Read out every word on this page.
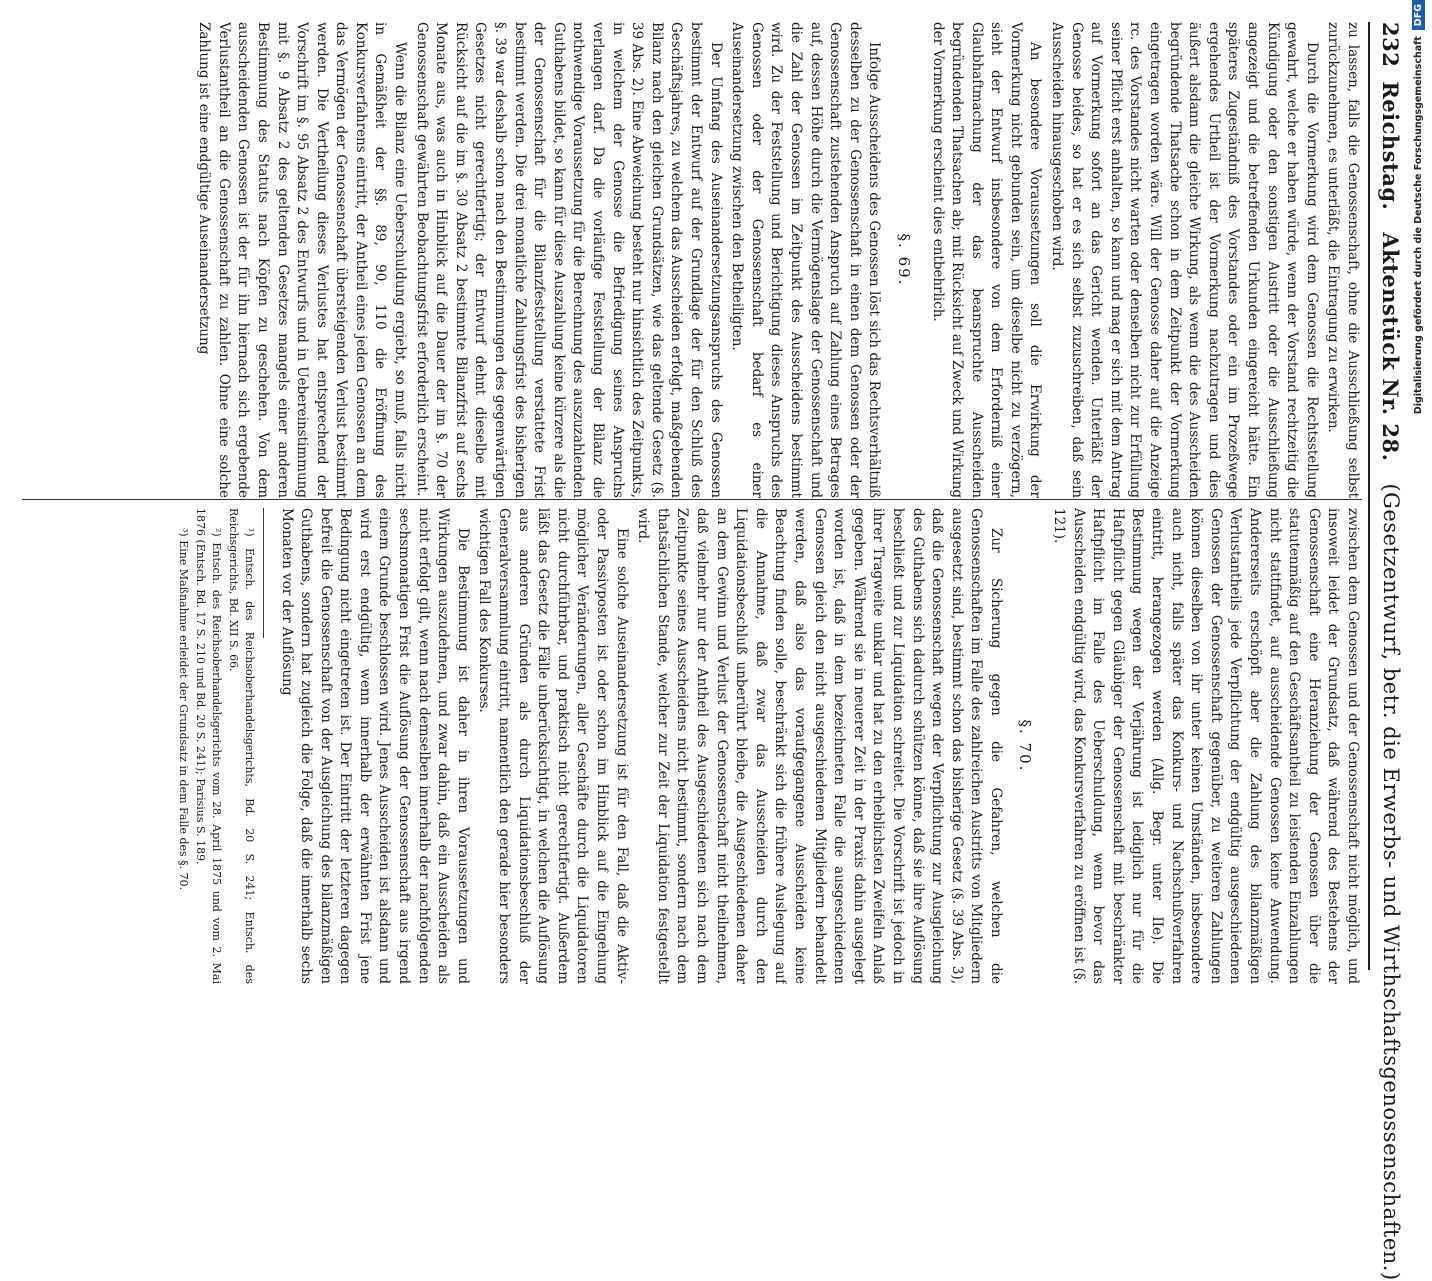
232
Reichstag.
Aktenstück Nr. 28.
(Gesetzentwurf, betr. die Erwerbs- und Wirthschaftsgenossenschaften.)

zu lassen, falls die Genossenschaft, ohne die Ausschließung selbst zurückzunehmen, es unterläßt, die Eintragung zu erwirken.

Durch die Vormerkung wird dem Genossen die Rechtsstellung gewahrt, welche er haben würde, wenn der Vorstand rechtzeitig die Kündigung oder den sonstigen Austritt oder die Ausschließung angezeigt und die betreffenden Urkunden eingereicht hätte. Ein späteres Zugeständniß des Vorstandes oder ein im Prozeßwege ergehendes Urtheil ist der Vormerkung nachzutragen und dies äußert alsdann die gleiche Wirkung, als wenn die des Ausscheiden begründende Thatsache schon in dem Zeitpunkt der Vormerkung eingetragen worden wäre. Will der Genosse daher auf die Anzeige rc. des Vorstandes nicht warten oder denselben nicht zur Erfüllung seiner Pflicht erst anhalten, so kann und mag er sich mit dem Antrag auf Vormerkung sofort an das Gericht wenden. Unterläßt der Genosse beides, so hat er es sich selbst zuzuschreiben, daß sein Ausscheiden hinausgeschoben wird.

An besondere Voraussetzungen soll die Erwirkung der Vormerkung nicht gebunden sein, um dieselbe nicht zu verzögern, sieht der Entwurf insbesondere von dem Erforderniß einer Glaubhaftmachung der das beanspruchte Ausscheiden begründenden Thatsachen ab; mit Rücksicht auf Zweck und Wirkung der Vormerkung erscheint dies entbehrlich.

§. 69.

Infolge Ausscheidens des Genossen löst sich das Rechtsverhältniß desselben zu der Genossenschaft in einen dem Genossen oder der Genossenschaft zustehenden Anspruch auf Zahlung eines Betrages auf, dessen Höhe durch die Vermögenslage der Genossenschaft und die Zahl der Genossen im Zeitpunkt des Ausscheidens bestimmt wird. Zu der Feststellung und Berichtigung dieses Anspruchs des Genossen oder der Genossenschaft bedarf es einer Auseinandersetzung zwischen den Betheiligten.

Der Umfang des Auseinandersetzungsanspruchs des Genossen bestimmt der Entwurf auf der Grundlage der für den Schluß des Geschäftsjahres, zu welchem das Ausscheiden erfolgt, maßgebenden Bilanz nach den gleichen Grundsätzen, wie das geltende Gesetz (§. 39 Abs. 2). Eine Abweichung besteht nur hinsichtlich des Zeitpunkts, in welchem der Genosse die Befriedigung seines Anspruchs verlangen darf. Da die vorläufige Feststellung der Bilanz die nothwendige Voraussetzung für die Berechnung des auszuzahlenden Guthabens bildet, so kann für diese Auszahlung keine kürzere als die der Genossenschaft für die Bilanzfeststellung verstattete Frist bestimmt werden. Die drei monatliche Zahlungsfrist des bisherigen §. 39 war deshalb schon nach den Bestimmungen des gegenwärtigen Gesetzes nicht gerechtfertigt; der Entwurf dehnt dieselbe mit Rücksicht auf die im §. 30 Absatz 2 bestimmte Bilanzfrist auf sechs Monate aus, was auch in Hinblick auf die Dauer der im §. 70 der Genossenschaft gewährten Beobachtungsfrist erforderlich erscheint.

Wenn die Bilanz eine Ueberschuldung ergiebt, so muß, falls nicht in Gemäßheit der §§. 89, 90, 110 die Eröffnung des Konkursverfahrens eintritt, der Antheil eines jeden Genossen an dem das Vermögen der Genossenschaft übersteigenden Verlust bestimmt werden. Die Vertheilung dieses Verlustes hat entsprechend der Vorschrift im §. 95 Absatz 2 des Entwurfs und in Uebereinstimmung mit §. 9 Absatz 2 des geltenden Gesetzes mangels einer anderen Bestimmung des Statuts nach Köpfen zu geschehen. Von dem ausscheidenden Genossen ist der für ihn hiernach sich ergebende Verlustantheil an die Genossenschaft zu zahlen. Ohne eine solche Zahlung ist eine endgültige Auseinandersetzung

zwischen dem Genossen und der Genossenschaft nicht möglich, und insoweit leidet der Grundsatz, daß während des Bestehens der Genossenschaft eine Heranziehung der Genossen über die statutenmäßig auf den Geschäftsantheil zu leistenden Einzahlungen nicht stattfindet, auf ausscheidende Genossen keine Anwendung. Andererseits erschöpft aber die Zahlung des bilanzmäßigen Verlustantheils jede Verpflichtung der endgültig ausgeschiedenen Genossen der Genossenschaft gegenüber, zu weiteren Zahlungen können dieselben von ihr unter keinen Umständen, insbesondere auch nicht, falls später das Konkurs- und Nachschußverfahren eintritt, herangezogen werden (Allg. Begr. unter IIe). Die Bestimmung wegen der Verjährung ist lediglich nur für die Haftpflicht gegen Gläubiger der Genossenschaft mit beschränkter Haftpflicht im Falle des Ueberschuldung, wenn bevor das Ausscheiden endgültig wird, das Konkursverfahren zu eröffnen ist (§. 121).

§. 70.

Zur Sicherung gegen die Gefahren, welchen die Genossenschaften im Falle des zahlreichen Austritts von Mitgliedern ausgesetzt sind, bestimmt schon das bisherige Gesetz (§. 39 Abs. 3), daß die Genossenschaft wegen der Verpflichtung zur Ausgleichung des Guthabens sich dadurch schützen könne, daß sie ihre Auflösung beschließt und zur Liquidation schreitet. Die Vorschrift ist jedoch in ihrer Tragweite unklar und hat zu den erheblichsten Zweifeln Anlaß gegeben. Während sie in neuerer Zeit in der Praxis dahin ausgelegt worden ist, daß in dem bezeichneten Falle die ausgeschiedenen Genossen gleich den nicht ausgeschiedenen Mitgliedern behandelt werden, daß also das voraufgegangene Ausscheiden keine Beachtung finden solle, beschränkt sich die frühere Auslegung auf die Annahme, daß zwar das Ausscheiden durch den Liquidationsbeschluß unberührt bleibe, die Ausgeschiedenen daher an dem Gewinn und Verlust der Genossenschaft nicht theilnehmen, daß vielmehr nur der Antheil des Ausgeschiedenen sich nach dem Zeitpunkte seines Ausscheidens nicht bestimmt, sondern nach dem thatsächlichen Stande, welcher zur Zeit der Liquidation festgestellt wird.

Eine solche Auseinandersetzung ist für den Fall, daß die Aktiv- oder Passivposten ist oder schon im Hinblick auf die Eingehung möglicher Veränderungen, aller Geschäfte durch die Liquidatoren nicht durchführbar, und praktisch nicht gerechtfertigt. Außerdem läßt das Gesetz die Fälle unberücksichtigt, in welchen die Auflösung aus anderen Gründen als durch Liquidationsbeschluß der Generalversammlung eintritt, namentlich den gerade hier besonders wichtigen Fall des Konkurses.

Die Bestimmung ist daher in ihren Voraussetzungen und Wirkungen auszudehnen, und zwar dahin, daß ein Ausscheiden als nicht erfolgt gilt, wenn nach demselben innerhalb der nachfolgenden sechsmonatigen Frist die Auflösung der Genossenschaft aus irgend einem Grunde beschlossen wird. Jenes Ausscheiden ist alsdann und wird erst endgültig, wenn innerhalb der erwähnten Frist jene Bedingung nicht eingetreten ist. Der Eintritt der letzteren dagegen befreit die Genossenschaft von der Ausgleichung des bilanzmäßigen Guthabens, sondern hat zugleich die Folge, daß die innerhalb sechs Monaten vor der Auflösung

¹) Entsch. des Reichsoberhandelsgerichts, Bd. 20 S. 241; Entsch. des Reichsgerichts, Bd. XII S. 66.

²) Entsch. des Reichsoberhandelsgerichts vom 28. April 1875 und vom 2. Mai 1876 (Entsch. Bd. 17 S. 210 und Bd. 20 S. 241); Parisius S. 189.

³) Eine Maßnahme erleidet der Grundsatz in dem Falle des §. 70.

Digitalisierung gefördert durch die Deutsche Forschungsgemeinschaft
DFG
